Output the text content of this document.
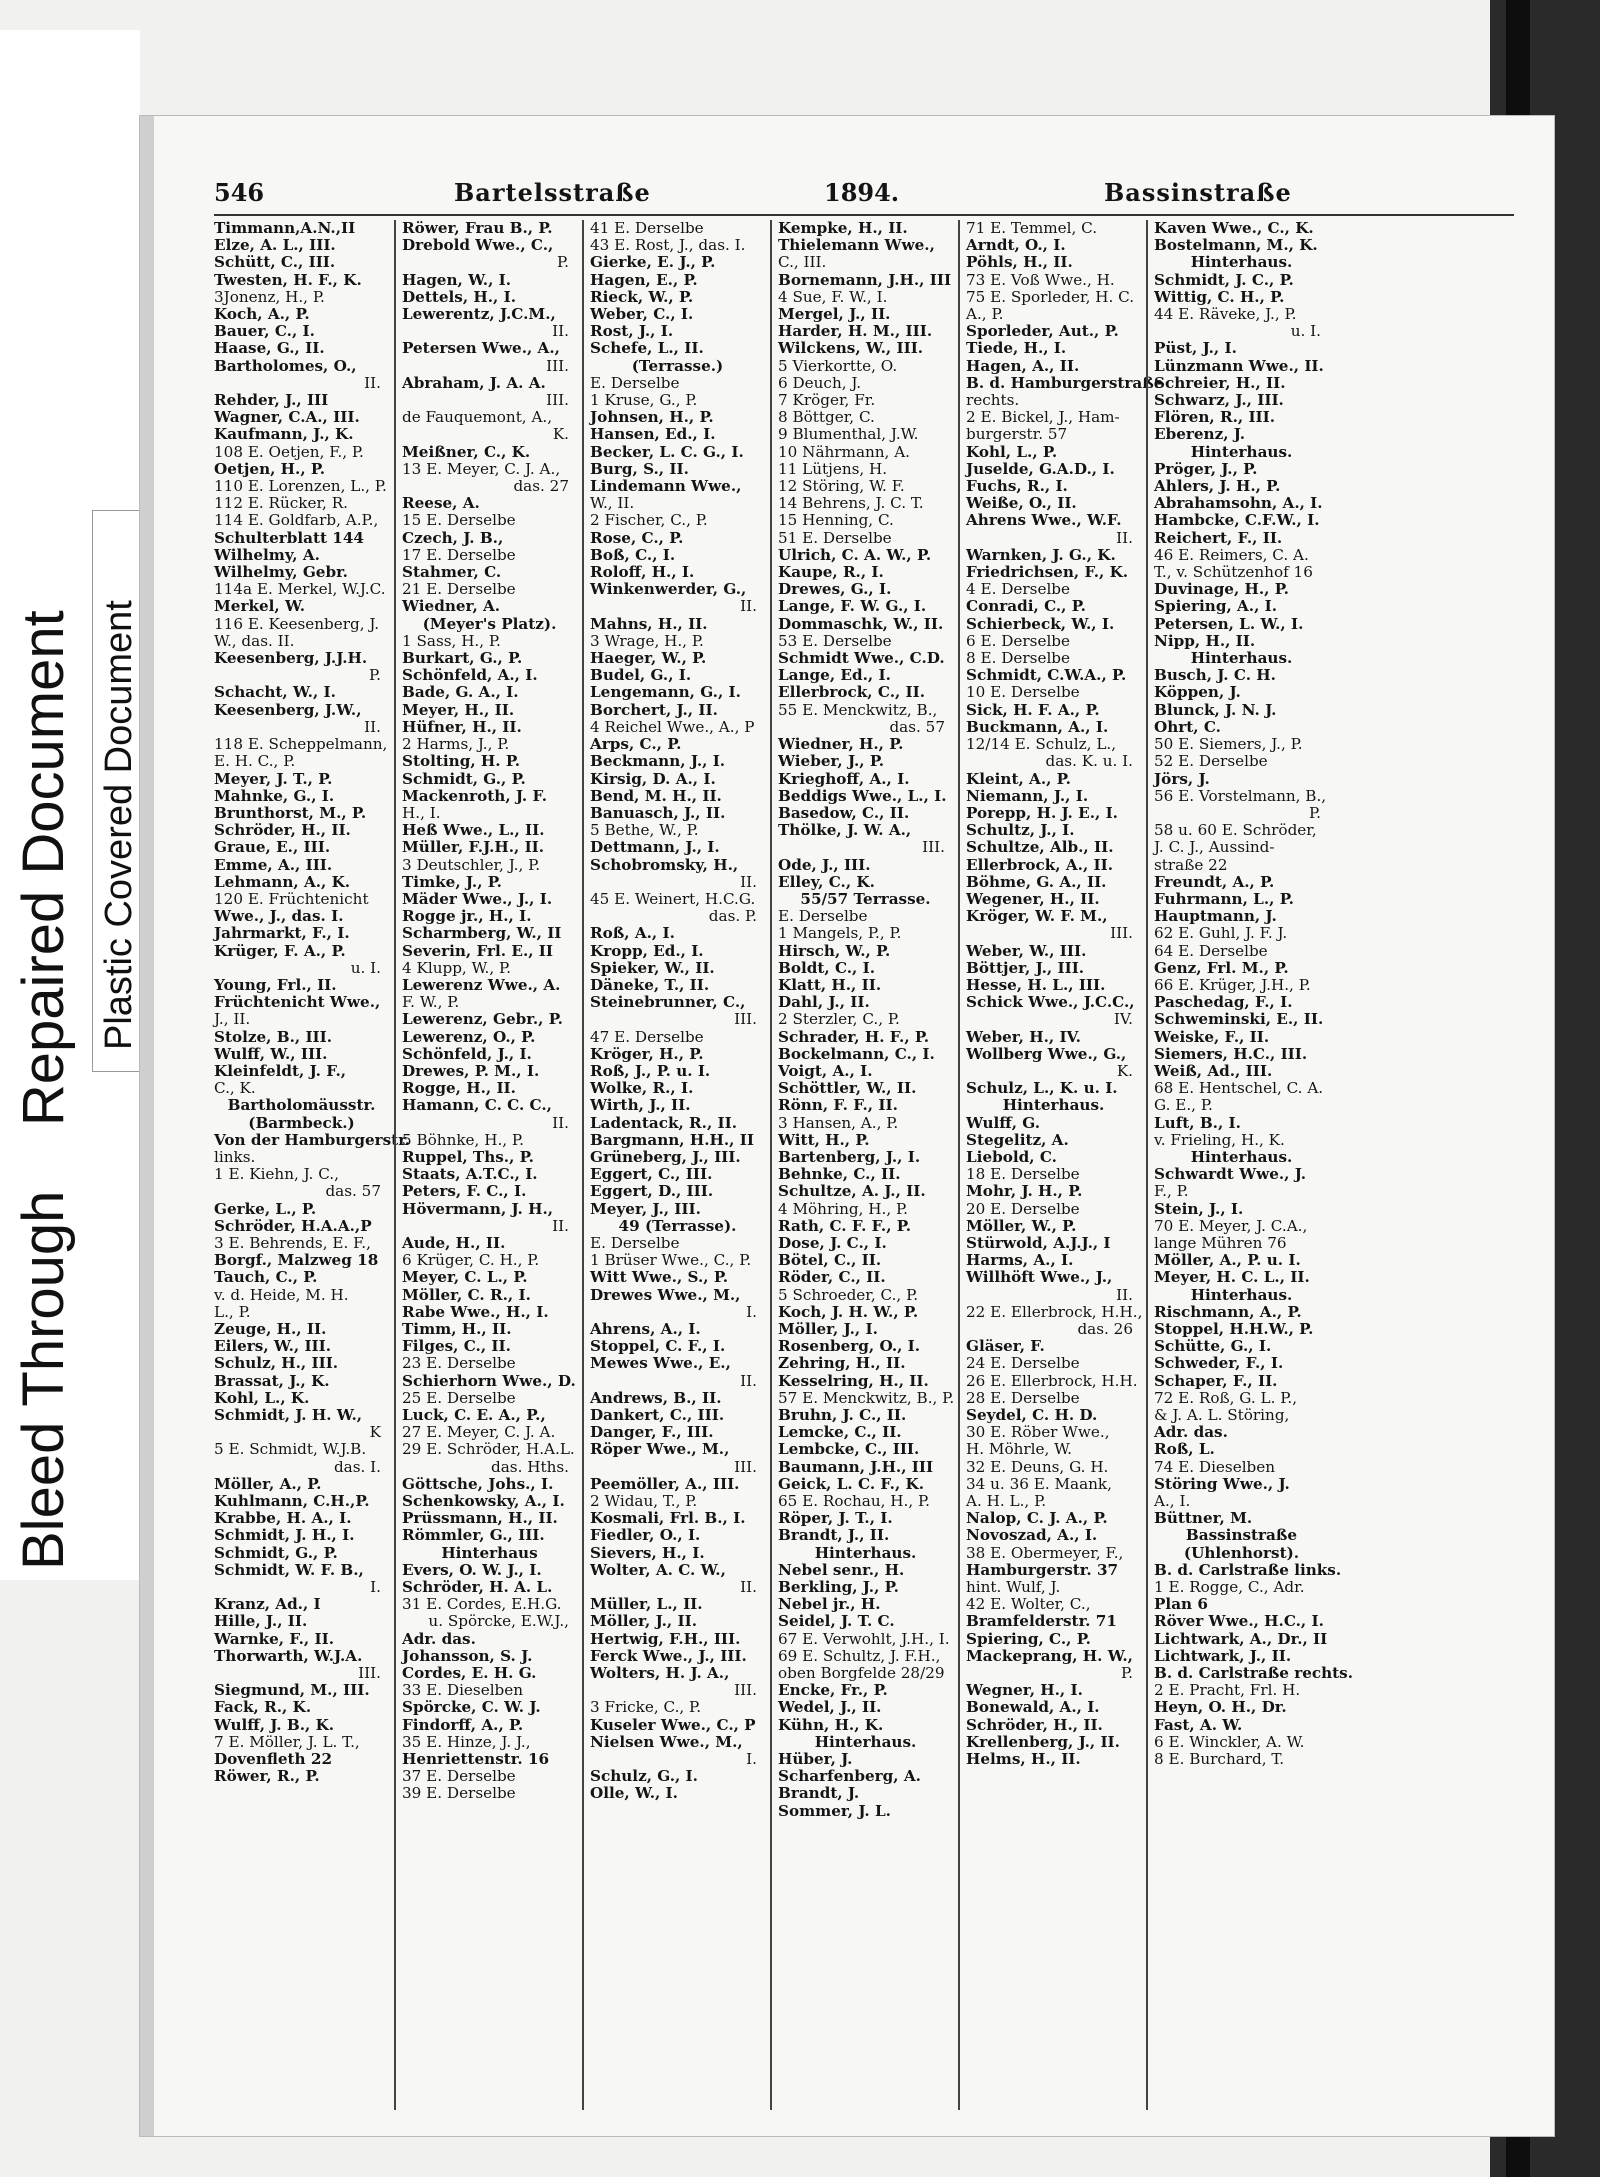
Bleed Through    Repaired Document Plastic Covered Document
546	Bartelsstraße	1894.	Bassinstraße
Timmann,A.N.,II
Elze, A. L., III.
Schütt, C., III.
Twesten, H. F., K.
3Jonenz, H., P.
Koch, A., P.
Bauer, C., I.
Haase, G., II.
Bartholomes, O.,
II.
Rehder, J., III
Wagner, C.A., III.
Kaufmann, J., K.
108 E. Oetjen, F., P.
Oetjen, H., P.
110 E. Lorenzen, L., P.
112 E. Rücker, R.
114 E. Goldfarb, A.P.,
Schulterblatt 144
Wilhelmy, A.
Wilhelmy, Gebr.
114a E. Merkel, W.J.C.
Merkel, W.
116 E. Keesenberg, J.
W., das. II.
Keesenberg, J.J.H.
P.
Schacht, W., I.
Keesenberg, J.W.,
II.
118 E. Scheppelmann,
E. H. C., P.
Meyer, J. T., P.
Mahnke, G., I.
Brunthorst, M., P.
Schröder, H., II.
Graue, E., III.
Emme, A., III.
Lehmann, A., K.
120 E. Früchtenicht
Wwe., J., das. I.
Jahrmarkt, F., I.
Krüger, F. A., P.
u. I.
Young, Frl., II.
Früchtenicht Wwe.,
J., II.
Stolze, B., III.
Wulff, W., III.
Kleinfeldt, J. F.,
C., K.
Bartholomäusstr.
(Barmbeck.)
Von der Hamburgerstr.
links.
1 E. Kiehn, J. C.,
das. 57
Gerke, L., P.
Schröder, H.A.A.,P
3 E. Behrends, E. F.,
Borgf., Malzweg 18
Tauch, C., P.
v. d. Heide, M. H.
L., P.
Zeuge, H., II.
Eilers, W., III.
Schulz, H., III.
Brassat, J., K.
Kohl, L., K.
Schmidt, J. H. W.,
K
5 E. Schmidt, W.J.B.
das. I.
Möller, A., P.
Kuhlmann, C.H.,P.
Krabbe, H. A., I.
Schmidt, J. H., I.
Schmidt, G., P.
Schmidt, W. F. B.,
I.
Kranz, Ad., I
Hille, J., II.
Warnke, F., II.
Thorwarth, W.J.A.
III.
Siegmund, M., III.
Fack, R., K.
Wulff, J. B., K.
7 E. Möller, J. L. T.,
Dovenfleth 22
Röwer, R., P.
Röwer, Frau B., P.
Drebold Wwe., C.,
P.
Hagen, W., I.
Dettels, H., I.
Lewerentz, J.C.M.,
II.
Petersen Wwe., A.,
III.
Abraham, J. A. A.
III.
de Fauquemont, A.,
K.
Meißner, C., K.
13 E. Meyer, C. J. A.,
das. 27
Reese, A.
15 E. Derselbe
Czech, J. B.,
17 E. Derselbe
Stahmer, C.
21 E. Derselbe
Wiedner, A.
(Meyer's Platz).
1 Sass, H., P.
Burkart, G., P.
Schönfeld, A., I.
Bade, G. A., I.
Meyer, H., II.
Hüfner, H., II.
2 Harms, J., P.
Stolting, H. P.
Schmidt, G., P.
Mackenroth, J. F.
H., I.
Heß Wwe., L., II.
Müller, F.J.H., II.
3 Deutschler, J., P.
Timke, J., P.
Mäder Wwe., J., I.
Rogge jr., H., I.
Scharmberg, W., II
Severin, Frl. E., II
4 Klupp, W., P.
Lewerenz Wwe., A.
F. W., P.
Lewerenz, Gebr., P.
Lewerenz, O., P.
Schönfeld, J., I.
Drewes, P. M., I.
Rogge, H., II.
Hamann, C. C. C.,
II.
5 Böhnke, H., P.
Ruppel, Ths., P.
Staats, A.T.C., I.
Peters, F. C., I.
Hövermann, J. H.,
II.
Aude, H., II.
6 Krüger, C. H., P.
Meyer, C. L., P.
Möller, C. R., I.
Rabe Wwe., H., I.
Timm, H., II.
Filges, C., II.
23 E. Derselbe
Schierhorn Wwe., D.
25 E. Derselbe
Luck, C. E. A., P.,
27 E. Meyer, C. J. A.
29 E. Schröder, H.A.L.
das. Hths.
Göttsche, Johs., I.
Schenkowsky, A., I.
Prüssmann, H., II.
Römmler, G., III.
Hinterhaus
Evers, O. W. J., I.
Schröder, H. A. L.
31 E. Cordes, E.H.G.
u. Spörcke, E.W.J.,
Adr. das.
Johansson, S. J.
Cordes, E. H. G.
33 E. Dieselben
Spörcke, C. W. J.
Findorff, A., P.
35 E. Hinze, J. J.,
Henriettenstr. 16
37 E. Derselbe
39 E. Derselbe
41 E. Derselbe
43 E. Rost, J., das. I.
Gierke, E. J., P.
Hagen, E., P.
Rieck, W., P.
Weber, C., I.
Rost, J., I.
Schefe, L., II.
(Terrasse.)
E. Derselbe
1 Kruse, G., P.
Johnsen, H., P.
Hansen, Ed., I.
Becker, L. C. G., I.
Burg, S., II.
Lindemann Wwe.,
W., II.
2 Fischer, C., P.
Rose, C., P.
Boß, C., I.
Roloff, H., I.
Winkenwerder, G.,
II.
Mahns, H., II.
3 Wrage, H., P.
Haeger, W., P.
Budel, G., I.
Lengemann, G., I.
Borchert, J., II.
4 Reichel Wwe., A., P
Arps, C., P.
Beckmann, J., I.
Kirsig, D. A., I.
Bend, M. H., II.
Banuasch, J., II.
5 Bethe, W., P.
Dettmann, J., I.
Schobromsky, H.,
II.
45 E. Weinert, H.C.G.
das. P.
Roß, A., I.
Kropp, Ed., I.
Spieker, W., II.
Däneke, T., II.
Steinebrunner, C.,
III.
47 E. Derselbe
Kröger, H., P.
Roß, J., P. u. I.
Wolke, R., I.
Wirth, J., II.
Ladentack, R., II.
Bargmann, H.H., II
Grüneberg, J., III.
Eggert, C., III.
Eggert, D., III.
Meyer, J., III.
49 (Terrasse).
E. Derselbe
1 Brüser Wwe., C., P.
Witt Wwe., S., P.
Drewes Wwe., M.,
I.
Ahrens, A., I.
Stoppel, C. F., I.
Mewes Wwe., E.,
II.
Andrews, B., II.
Dankert, C., III.
Danger, F., III.
Röper Wwe., M.,
III.
Peemöller, A., III.
2 Widau, T., P.
Kosmali, Frl. B., I.
Fiedler, O., I.
Sievers, H., I.
Wolter, A. C. W.,
II.
Müller, L., II.
Möller, J., II.
Hertwig, F.H., III.
Ferck Wwe., J., III.
Wolters, H. J. A.,
III.
3 Fricke, C., P.
Kuseler Wwe., C., P
Nielsen Wwe., M.,
I.
Schulz, G., I.
Olle, W., I.
Kempke, H., II.
Thielemann Wwe.,
C., III.
Bornemann, J.H., III
4 Sue, F. W., I.
Mergel, J., II.
Harder, H. M., III.
Wilckens, W., III.
5 Vierkortte, O.
6 Deuch, J.
7 Kröger, Fr.
8 Böttger, C.
9 Blumenthal, J.W.
10 Nährmann, A.
11 Lütjens, H.
12 Störing, W. F.
14 Behrens, J. C. T.
15 Henning, C.
51 E. Derselbe
Ulrich, C. A. W., P.
Kaupe, R., I.
Drewes, G., I.
Lange, F. W. G., I.
Dommaschk, W., II.
53 E. Derselbe
Schmidt Wwe., C.D.
Lange, Ed., I.
Ellerbrock, C., II.
55 E. Menckwitz, B.,
das. 57
Wiedner, H., P.
Wieber, J., P.
Krieghoff, A., I.
Beddigs Wwe., L., I.
Basedow, C., II.
Thölke, J. W. A.,
III.
Ode, J., III.
Elley, C., K.
55/57 Terrasse.
E. Derselbe
1 Mangels, P., P.
Hirsch, W., P.
Boldt, C., I.
Klatt, H., II.
Dahl, J., II.
2 Sterzler, C., P.
Schrader, H. F., P.
Bockelmann, C., I.
Voigt, A., I.
Schöttler, W., II.
Rönn, F. F., II.
3 Hansen, A., P.
Witt, H., P.
Bartenberg, J., I.
Behnke, C., II.
Schultze, A. J., II.
4 Möhring, H., P.
Rath, C. F. F., P.
Dose, J. C., I.
Bötel, C., II.
Röder, C., II.
5 Schroeder, C., P.
Koch, J. H. W., P.
Möller, J., I.
Rosenberg, O., I.
Zehring, H., II.
Kesselring, H., II.
57 E. Menckwitz, B., P.
Bruhn, J. C., II.
Lemcke, C., II.
Lembcke, C., III.
Baumann, J.H., III
Geick, L. C. F., K.
65 E. Rochau, H., P.
Röper, J. T., I.
Brandt, J., II.
Hinterhaus.
Nebel senr., H.
Berkling, J., P.
Nebel jr., H.
Seidel, J. T. C.
67 E. Verwohlt, J.H., I.
69 E. Schultz, J. F.H.,
oben Borgfelde 28/29
Encke, Fr., P.
Wedel, J., II.
Kühn, H., K.
Hinterhaus.
Hüber, J.
Scharfenberg, A.
Brandt, J.
Sommer, J. L.
71 E. Temmel, C.
Arndt, O., I.
Pöhls, H., II.
73 E. Voß Wwe., H.
75 E. Sporleder, H. C.
A., P.
Sporleder, Aut., P.
Tiede, H., I.
Hagen, A., II.
B. d. Hamburgerstraße
rechts.
2 E. Bickel, J., Ham-
burgerstr. 57
Kohl, L., P.
Juselde, G.A.D., I.
Fuchs, R., I.
Weiße, O., II.
Ahrens Wwe., W.F.
II.
Warnken, J. G., K.
Friedrichsen, F., K.
4 E. Derselbe
Conradi, C., P.
Schierbeck, W., I.
6 E. Derselbe
8 E. Derselbe
Schmidt, C.W.A., P.
10 E. Derselbe
Sick, H. F. A., P.
Buckmann, A., I.
12/14 E. Schulz, L.,
das. K. u. I.
Kleint, A., P.
Niemann, J., I.
Porepp, H. J. E., I.
Schultz, J., I.
Schultze, Alb., II.
Ellerbrock, A., II.
Böhme, G. A., II.
Wegener, H., II.
Kröger, W. F. M.,
III.
Weber, W., III.
Böttjer, J., III.
Hesse, H. L., III.
Schick Wwe., J.C.C.,
IV.
Weber, H., IV.
Wollberg Wwe., G.,
K.
Schulz, L., K. u. I.
Hinterhaus.
Wulff, G.
Stegelitz, A.
Liebold, C.
18 E. Derselbe
Mohr, J. H., P.
20 E. Derselbe
Möller, W., P.
Stürwold, A.J.J., I
Harms, A., I.
Willhöft Wwe., J.,
II.
22 E. Ellerbrock, H.H.,
das. 26
Gläser, F.
24 E. Derselbe
26 E. Ellerbrock, H.H.
28 E. Derselbe
Seydel, C. H. D.
30 E. Röber Wwe.,
H. Möhrle, W.
32 E. Deuns, G. H.
34 u. 36 E. Maank,
A. H. L., P.
Nalop, C. J. A., P.
Novoszad, A., I.
38 E. Obermeyer, F.,
Hamburgerstr. 37
hint. Wulf, J.
42 E. Wolter, C.,
Bramfelderstr. 71
Spiering, C., P.
Mackeprang, H. W.,
P.
Wegner, H., I.
Bonewald, A., I.
Schröder, H., II.
Krellenberg, J., II.
Helms, H., II.
Kaven Wwe., C., K.
Bostelmann, M., K.
Hinterhaus.
Schmidt, J. C., P.
Wittig, C. H., P.
44 E. Räveke, J., P.
u. I.
Püst, J., I.
Lünzmann Wwe., II.
Schreier, H., II.
Schwarz, J., III.
Flören, R., III.
Eberenz, J.
Hinterhaus.
Pröger, J., P.
Ahlers, J. H., P.
Abrahamsohn, A., I.
Hambcke, C.F.W., I.
Reichert, F., II.
46 E. Reimers, C. A.
T., v. Schützenhof 16
Duvinage, H., P.
Spiering, A., I.
Petersen, L. W., I.
Nipp, H., II.
Hinterhaus.
Busch, J. C. H.
Köppen, J.
Blunck, J. N. J.
Ohrt, C.
50 E. Siemers, J., P.
52 E. Derselbe
Jörs, J.
56 E. Vorstelmann, B.,
P.
58 u. 60 E. Schröder,
J. C. J., Aussind-
straße 22
Freundt, A., P.
Fuhrmann, L., P.
Hauptmann, J.
62 E. Guhl, J. F. J.
64 E. Derselbe
Genz, Frl. M., P.
66 E. Krüger, J.H., P.
Paschedag, F., I.
Schweminski, E., II.
Weiske, F., II.
Siemers, H.C., III.
Weiß, Ad., III.
68 E. Hentschel, C. A.
G. E., P.
Luft, B., I.
v. Frieling, H., K.
Hinterhaus.
Schwardt Wwe., J.
F., P.
Stein, J., I.
70 E. Meyer, J. C.A.,
lange Mühren 76
Möller, A., P. u. I.
Meyer, H. C. L., II.
Hinterhaus.
Rischmann, A., P.
Stoppel, H.H.W., P.
Schütte, G., I.
Schweder, F., I.
Schaper, F., II.
72 E. Roß, G. L. P.,
& J. A. L. Störing,
Adr. das.
Roß, L.
74 E. Dieselben
Störing Wwe., J.
A., I.
Büttner, M.
Bassinstraße
(Uhlenhorst).
B. d. Carlstraße links.
1 E. Rogge, C., Adr.
Plan 6
Röver Wwe., H.C., I.
Lichtwark, A., Dr., II
Lichtwark, J., II.
B. d. Carlstraße rechts.
2 E. Pracht, Frl. H.
Heyn, O. H., Dr.
Fast, A. W.
6 E. Winckler, A. W.
8 E. Burchard, T.
